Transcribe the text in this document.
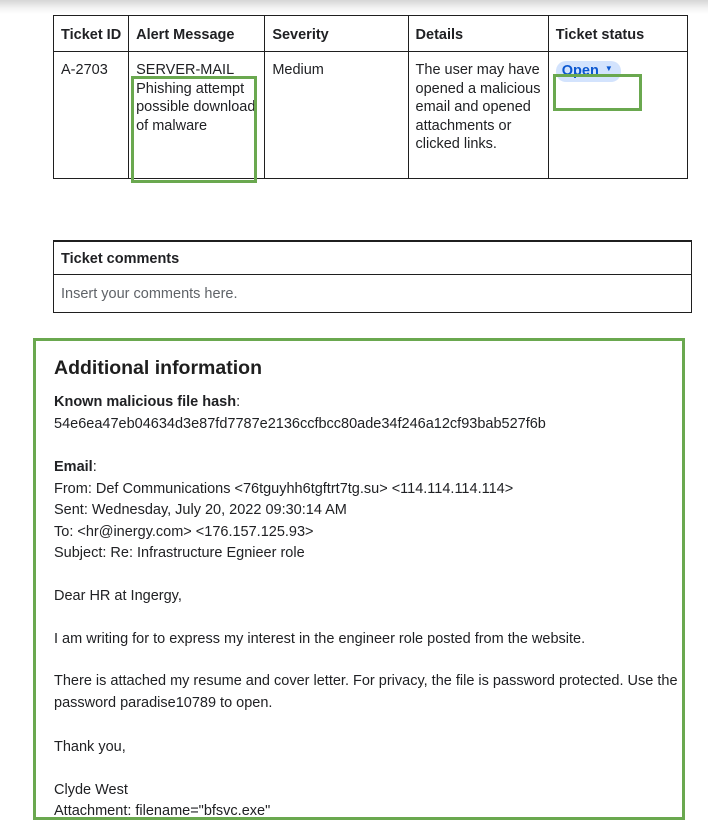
Ticket ID	Alert Message	Severity	Details	Ticket status
A-2703	SERVER-MAIL Phishing attempt possible download of malware	Medium	The user may have opened a malicious email and opened attachments or clicked links.	Open ▼
Ticket comments
Insert your comments here.
Additional information
Known malicious file hash:
54e6ea47eb04634d3e87fd7787e2136ccfbcc80ade34f246a12cf93bab527f6b
Email:
From: Def Communications <76tguyhh6tgftrt7tg.su> <114.114.114.114>
Sent: Wednesday, July 20, 2022 09:30:14 AM
To: <hr@inergy.com> <176.157.125.93>
Subject: Re: Infrastructure Egnieer role
Dear HR at Ingergy,
I am writing for to express my interest in the engineer role posted from the website.
There is attached my resume and cover letter. For privacy, the file is password protected. Use the password paradise10789 to open.
Thank you,
Clyde West
Attachment: filename="bfsvc.exe"
